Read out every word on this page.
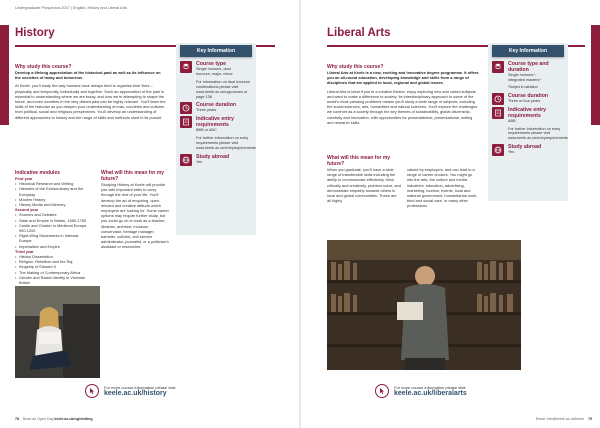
Undergraduate Prospectus 2017 | English, History and Liberal Arts
History
Why study this course?
Develop a lifelong appreciation of the historical past as well as its influence on the societies of today and tomorrow.
At Keele, you'll study the way humans have always tried to organise their lives – physically and temporally, individually and together. Such an appreciation of the past is essential to understanding where we are today, and how we're attempting to shape the future, and even societies in the very distant past can be highly relevant. You'll learn the skills of the historian as you deepen your understanding of eras, countries and cultures from political, social and religious perspectives. You'll develop an understanding of different approaches to history and the range of skills and methods used in its pursuit.
Indicative modules
First year
• Historical Research and Writing
• Histories of the Extraordinary and the Everyday
• Modern History
• History Media and Memory
Second year
• Sources and Debates
• State and Empire in Britain, 1550-1750
• Castle and Cloister in Medieval Europe, 900-1200
• Right-Wing Movements in Interwar Europe
• Imperialism and Empire
Third year
• History Dissertation
• Religion, Rebellion and the Raj
• Kingship of Edward II
• The Making of Contemporary Africa
• Gender and Racial Identity in Victorian Britain
What will this mean for my future?
Studying History at Keele will provide you with important skills to carry through the rest of your life. You'll develop the art of enquiring, open-minded and creative attitude which employers are looking for. Some career options may require further study, but you could go on to work as a teacher, librarian, archivist, museum conservator, heritage manager, barrister, solicitor, civil service administrator, journalist, or a politician's assistant or researcher.
Key Information
Course type
Single honours, dual
honours, major, minor
For information on dual honours combinations please visit www.keele.ac.uk/ugcourses or page 138
Course duration
Three years
Indicative entry requirements
BBB or ABC
For further information on entry requirements please visit www.keele.ac.uk/entryrequirements
Study abroad
Yes
For more course information please visit:
keele.ac.uk/history
78 Book an Open Day keele.ac.uk/ug/visiting
Liberal Arts
Why study this course?
Liberal Arts at Keele is a new, exciting and innovative degree programme. It offers you an all-round education, developing knowledge and skills from a range of disciplines that are applied to local, regional and global issues.
Liberal Arts is ideal if you're a creative thinker, enjoy exploring new and varied subjects and want to make a difference to society. Its interdisciplinary approach to some of the world's most pressing problems means you'll study a wide range of subjects, including the social sciences, arts, humanities and natural sciences. You'll explore the challenges we confront as a society through the key themes of sustainability, global citizenship, creativity and innovation, with opportunities for presentational, presentational, writing and research skills.
What will this mean for my future?
When you graduate, you'll have a wide range of transferable skills including the ability to communicate effectively, think critically and creatively, problem-solve, and demonstrate empathy towards others in local and global communities. These are all highly
valued by employers, and can lead to a range of career choices. You might go into the arts, the culture and media industries, education, advertising, marketing, tourism, events, local and national government, humanitarian work, third and social care, or many other professions.
Key Information
Course type and duration
Single honours*,
integrated masters*
*Subject to validation
Course duration
Three or four years
Indicative entry requirements
ABB
For further information on entry requirements please visit www.keele.ac.uk/entryrequirements
Study abroad
Yes
For more course information please visit:
keele.ac.uk/liberalarts
Email: info@keele.ac.uk/keele 79
